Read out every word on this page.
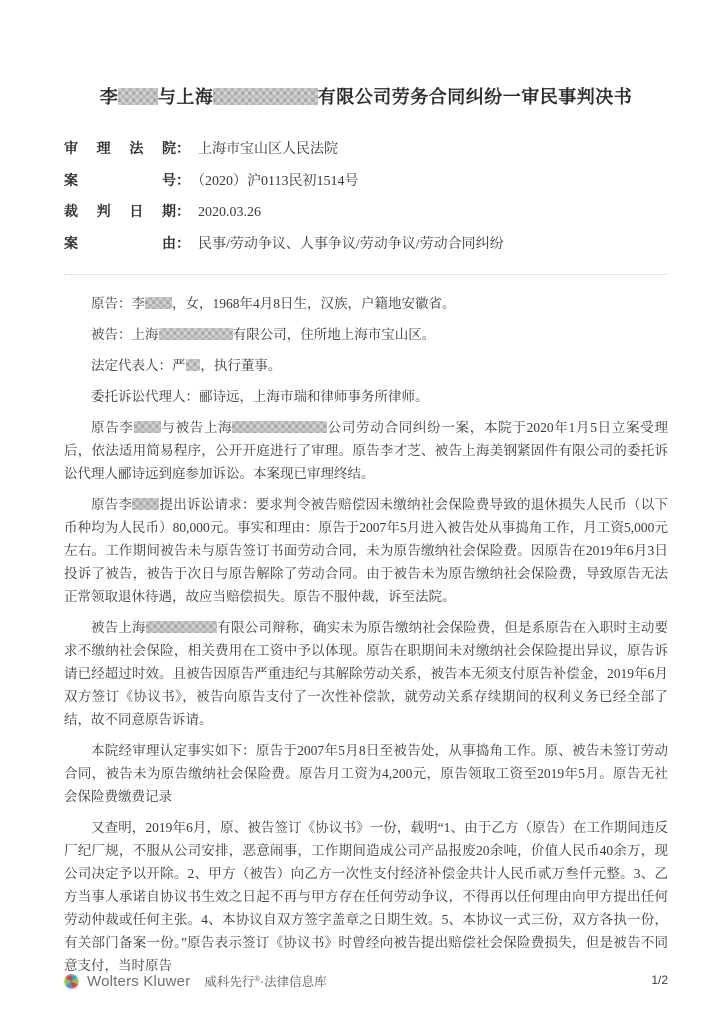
李 与上海	有限公司劳务合同纠纷一审民事判决书
审理法院： 上海市宝山区人民法院
案号： （2020）沪0113民初1514号
裁判日期： 2020.03.26
案由： 民事/劳动争议、人事争议/劳动争议/劳动合同纠纷

原告：李 ，女，1968年4月8日生，汉族，户籍地安徽省。

被告：上海	有限公司，住所地上海市宝山区。

法定代表人：严 ，执行董事。

委托诉讼代理人：郦诗远，上海市瑞和律师事务所律师。

原告李 与被告上海	公司劳动合同纠纷一案，本院于2020年1月5日立案受理后，依法适用简易程序，公开开庭进行了审理。原告李才芝、被告上海美钢紧固件有限公司的委托诉讼代理人郦诗远到庭参加诉讼。本案现已审理终结。

原告李 提出诉讼请求：要求判令被告赔偿因未缴纳社会保险费导致的退休损失人民币（以下币种均为人民币）80,000元。事实和理由：原告于2007年5月进入被告处从事捣角工作，月工资5,000元左右。工作期间被告未与原告签订书面劳动合同，未为原告缴纳社会保险费。因原告在2019年6月3日投诉了被告，被告于次日与原告解除了劳动合同。由于被告未为原告缴纳社会保险费，导致原告无法正常领取退休待遇，故应当赔偿损失。原告不服仲裁，诉至法院。

被告上海	有限公司辩称，确实未为原告缴纳社会保险费，但是系原告在入职时主动要求不缴纳社会保险，相关费用在工资中予以体现。原告在职期间未对缴纳社会保险提出异议，原告诉请已经超过时效。且被告因原告严重违纪与其解除劳动关系，被告本无须支付原告补偿金，2019年6月双方签订《协议书》，被告向原告支付了一次性补偿款，就劳动关系存续期间的权利义务已经全部了结，故不同意原告诉请。

本院经审理认定事实如下：原告于2007年5月8日至被告处，从事捣角工作。原、被告未签订劳动合同，被告未为原告缴纳社会保险费。原告月工资为4,200元，原告领取工资至2019年5月。原告无社会保险费缴费记录

又查明，2019年6月，原、被告签订《协议书》一份，载明“1、由于乙方（原告）在工作期间违反厂纪厂规，不服从公司安排，恶意闹事，工作期间造成公司产品报废20余吨，价值人民币40余万，现公司决定予以开除。2、甲方（被告）向乙方一次性支付经济补偿金共计人民币贰万叁仟元整。3、乙方当事人承诺自协议书生效之日起不再与甲方存在任何劳动争议，不得再以任何理由向甲方提出任何劳动仲裁或任何主张。4、本协议自双方签字盖章之日期生效。5、本协议一式三份，双方各执一份，有关部门备案一份。”原告表示签订《协议书》时曾经向被告提出赔偿社会保险费损失，但是被告不同意支付，当时原告

Wolters Kluwer 威科先行®·法律信息库	1/2
